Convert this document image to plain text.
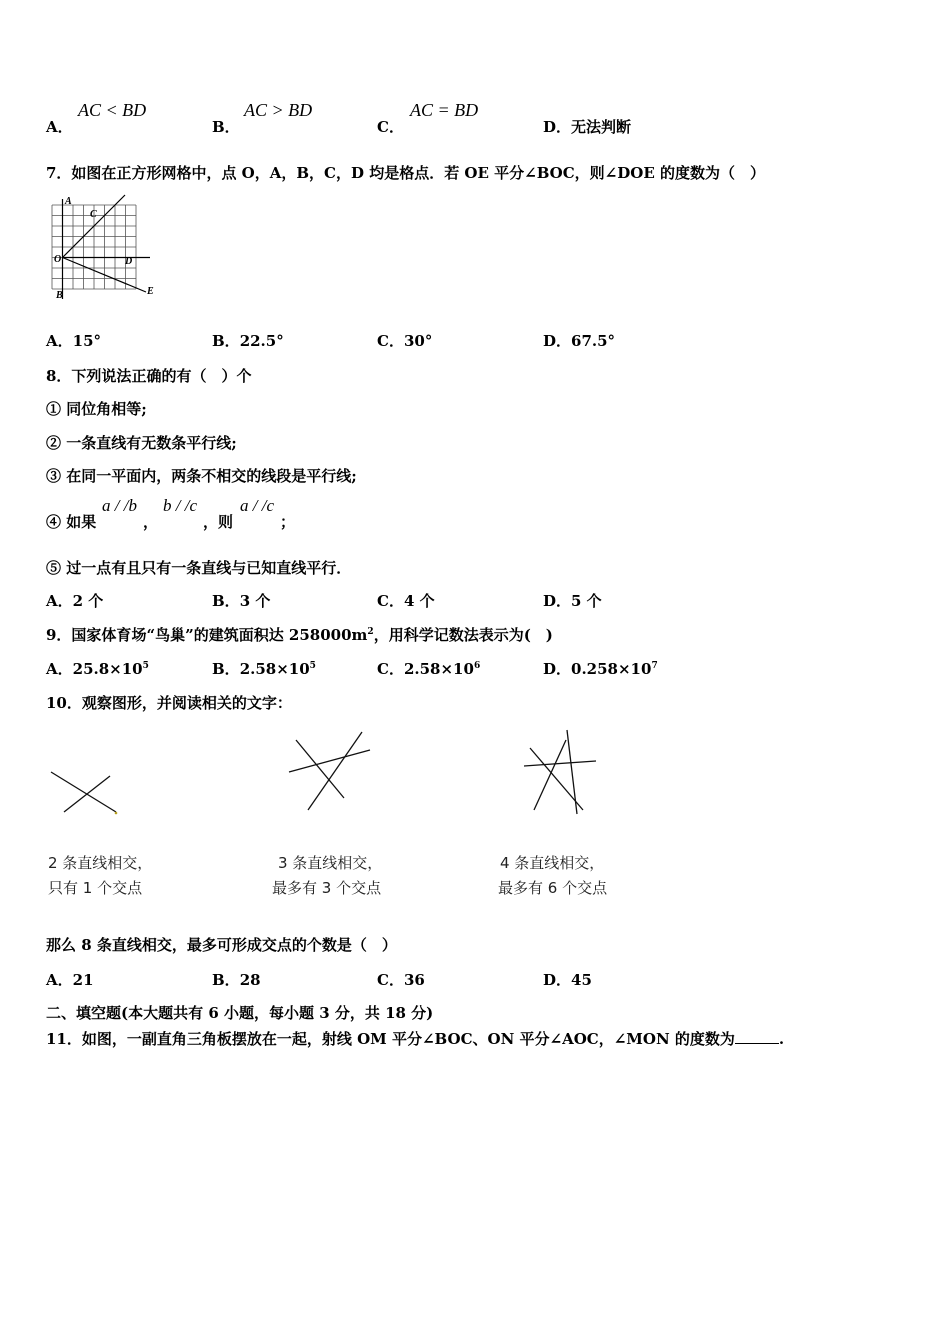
A．
AC < BD
B．
AC > BD
C．
AC = BD
D．无法判断
7．如图在正方形网格中，点 O，A，B，C，D 均是格点．若 OE 平分∠BOC，则∠DOE 的度数为（　）
A
C
O	D
B	E
A．15°	B．22.5°	C．30°	D．67.5°
8．下列说法正确的有（　）个
① 同位角相等;
② 一条直线有无数条平行线;
③ 在同一平面内，两条不相交的线段是平行线;
④ 如果
a / /b
，
b / /c
，则
a / /c
；
⑤ 过一点有且只有一条直线与已知直线平行．
A．2 个	B．3 个	C．4 个	D．5 个
9．国家体育场“鸟巢”的建筑面积达 $258000m^2$，用科学记数法表示为(　)
A．$25.8\times 10^5$	B．$2.58\times 10^5$	C．$2.58\times 10^6$	D．$0.258\times 10^7$
10．观察图形，并阅读相关的文字：
2 条直线相交，
只有 1 个交点
3 条直线相交，
最多有 3 个交点
4 条直线相交，
最多有 6 个交点
那么 8 条直线相交，最多可形成交点的个数是（　）
A．21	B．28	C．36	D．45
二、填空题(本大题共有 6 小题，每小题 3 分，共 18 分)
11．如图，一副直角三角板摆放在一起，射线 OM 平分∠BOC、ON 平分∠AOC，∠MON 的度数为	.
